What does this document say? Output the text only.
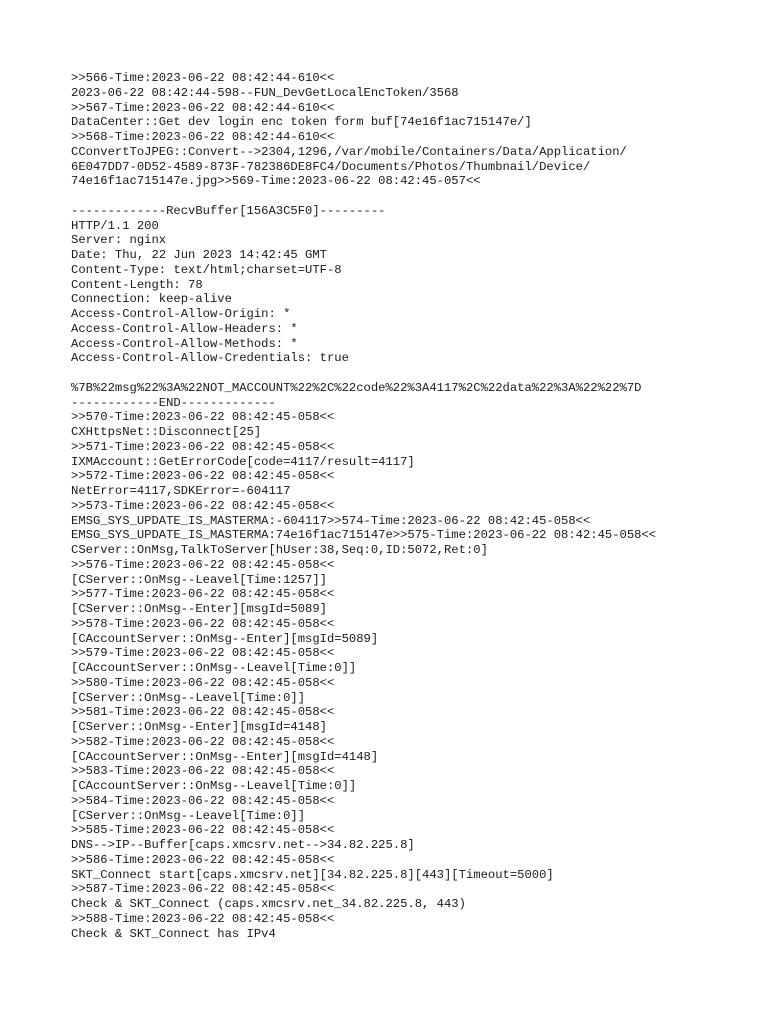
>>566-Time:2023-06-22 08:42:44-610<<
2023-06-22 08:42:44-598--FUN_DevGetLocalEncToken/3568
>>567-Time:2023-06-22 08:42:44-610<<
DataCenter::Get dev login enc token form buf[74e16f1ac715147e/]
>>568-Time:2023-06-22 08:42:44-610<<
CConvertToJPEG::Convert-->2304,1296,/var/mobile/Containers/Data/Application/
6E047DD7-0D52-4589-873F-782386DE8FC4/Documents/Photos/Thumbnail/Device/
74e16f1ac715147e.jpg>>569-Time:2023-06-22 08:42:45-057<<
-------------RecvBuffer[156A3C5F0]---------
HTTP/1.1 200
Server: nginx
Date: Thu, 22 Jun 2023 14:42:45 GMT
Content-Type: text/html;charset=UTF-8
Content-Length: 78
Connection: keep-alive
Access-Control-Allow-Origin: *
Access-Control-Allow-Headers: *
Access-Control-Allow-Methods: *
Access-Control-Allow-Credentials: true
%7B%22msg%22%3A%22NOT_MACCOUNT%22%2C%22code%22%3A4117%2C%22data%22%3A%22%22%7D
------------END-------------
>>570-Time:2023-06-22 08:42:45-058<<
CXHttpsNet::Disconnect[25]
>>571-Time:2023-06-22 08:42:45-058<<
IXMAccount::GetErrorCode[code=4117/result=4117]
>>572-Time:2023-06-22 08:42:45-058<<
NetError=4117,SDKError=-604117
>>573-Time:2023-06-22 08:42:45-058<<
EMSG_SYS_UPDATE_IS_MASTERMA:-604117>>574-Time:2023-06-22 08:42:45-058<<
EMSG_SYS_UPDATE_IS_MASTERMA:74e16f1ac715147e>>575-Time:2023-06-22 08:42:45-058<<
CServer::OnMsg,TalkToServer[hUser:38,Seq:0,ID:5072,Ret:0]
>>576-Time:2023-06-22 08:42:45-058<<
[CServer::OnMsg--Leavel[Time:1257]]
>>577-Time:2023-06-22 08:42:45-058<<
[CServer::OnMsg--Enter][msgId=5089]
>>578-Time:2023-06-22 08:42:45-058<<
[CAccountServer::OnMsg--Enter][msgId=5089]
>>579-Time:2023-06-22 08:42:45-058<<
[CAccountServer::OnMsg--Leavel[Time:0]]
>>580-Time:2023-06-22 08:42:45-058<<
[CServer::OnMsg--Leavel[Time:0]]
>>581-Time:2023-06-22 08:42:45-058<<
[CServer::OnMsg--Enter][msgId=4148]
>>582-Time:2023-06-22 08:42:45-058<<
[CAccountServer::OnMsg--Enter][msgId=4148]
>>583-Time:2023-06-22 08:42:45-058<<
[CAccountServer::OnMsg--Leavel[Time:0]]
>>584-Time:2023-06-22 08:42:45-058<<
[CServer::OnMsg--Leavel[Time:0]]
>>585-Time:2023-06-22 08:42:45-058<<
DNS-->IP--Buffer[caps.xmcsrv.net-->34.82.225.8]
>>586-Time:2023-06-22 08:42:45-058<<
SKT_Connect start[caps.xmcsrv.net][34.82.225.8][443][Timeout=5000]
>>587-Time:2023-06-22 08:42:45-058<<
Check & SKT_Connect (caps.xmcsrv.net_34.82.225.8, 443)
>>588-Time:2023-06-22 08:42:45-058<<
Check & SKT_Connect has IPv4
